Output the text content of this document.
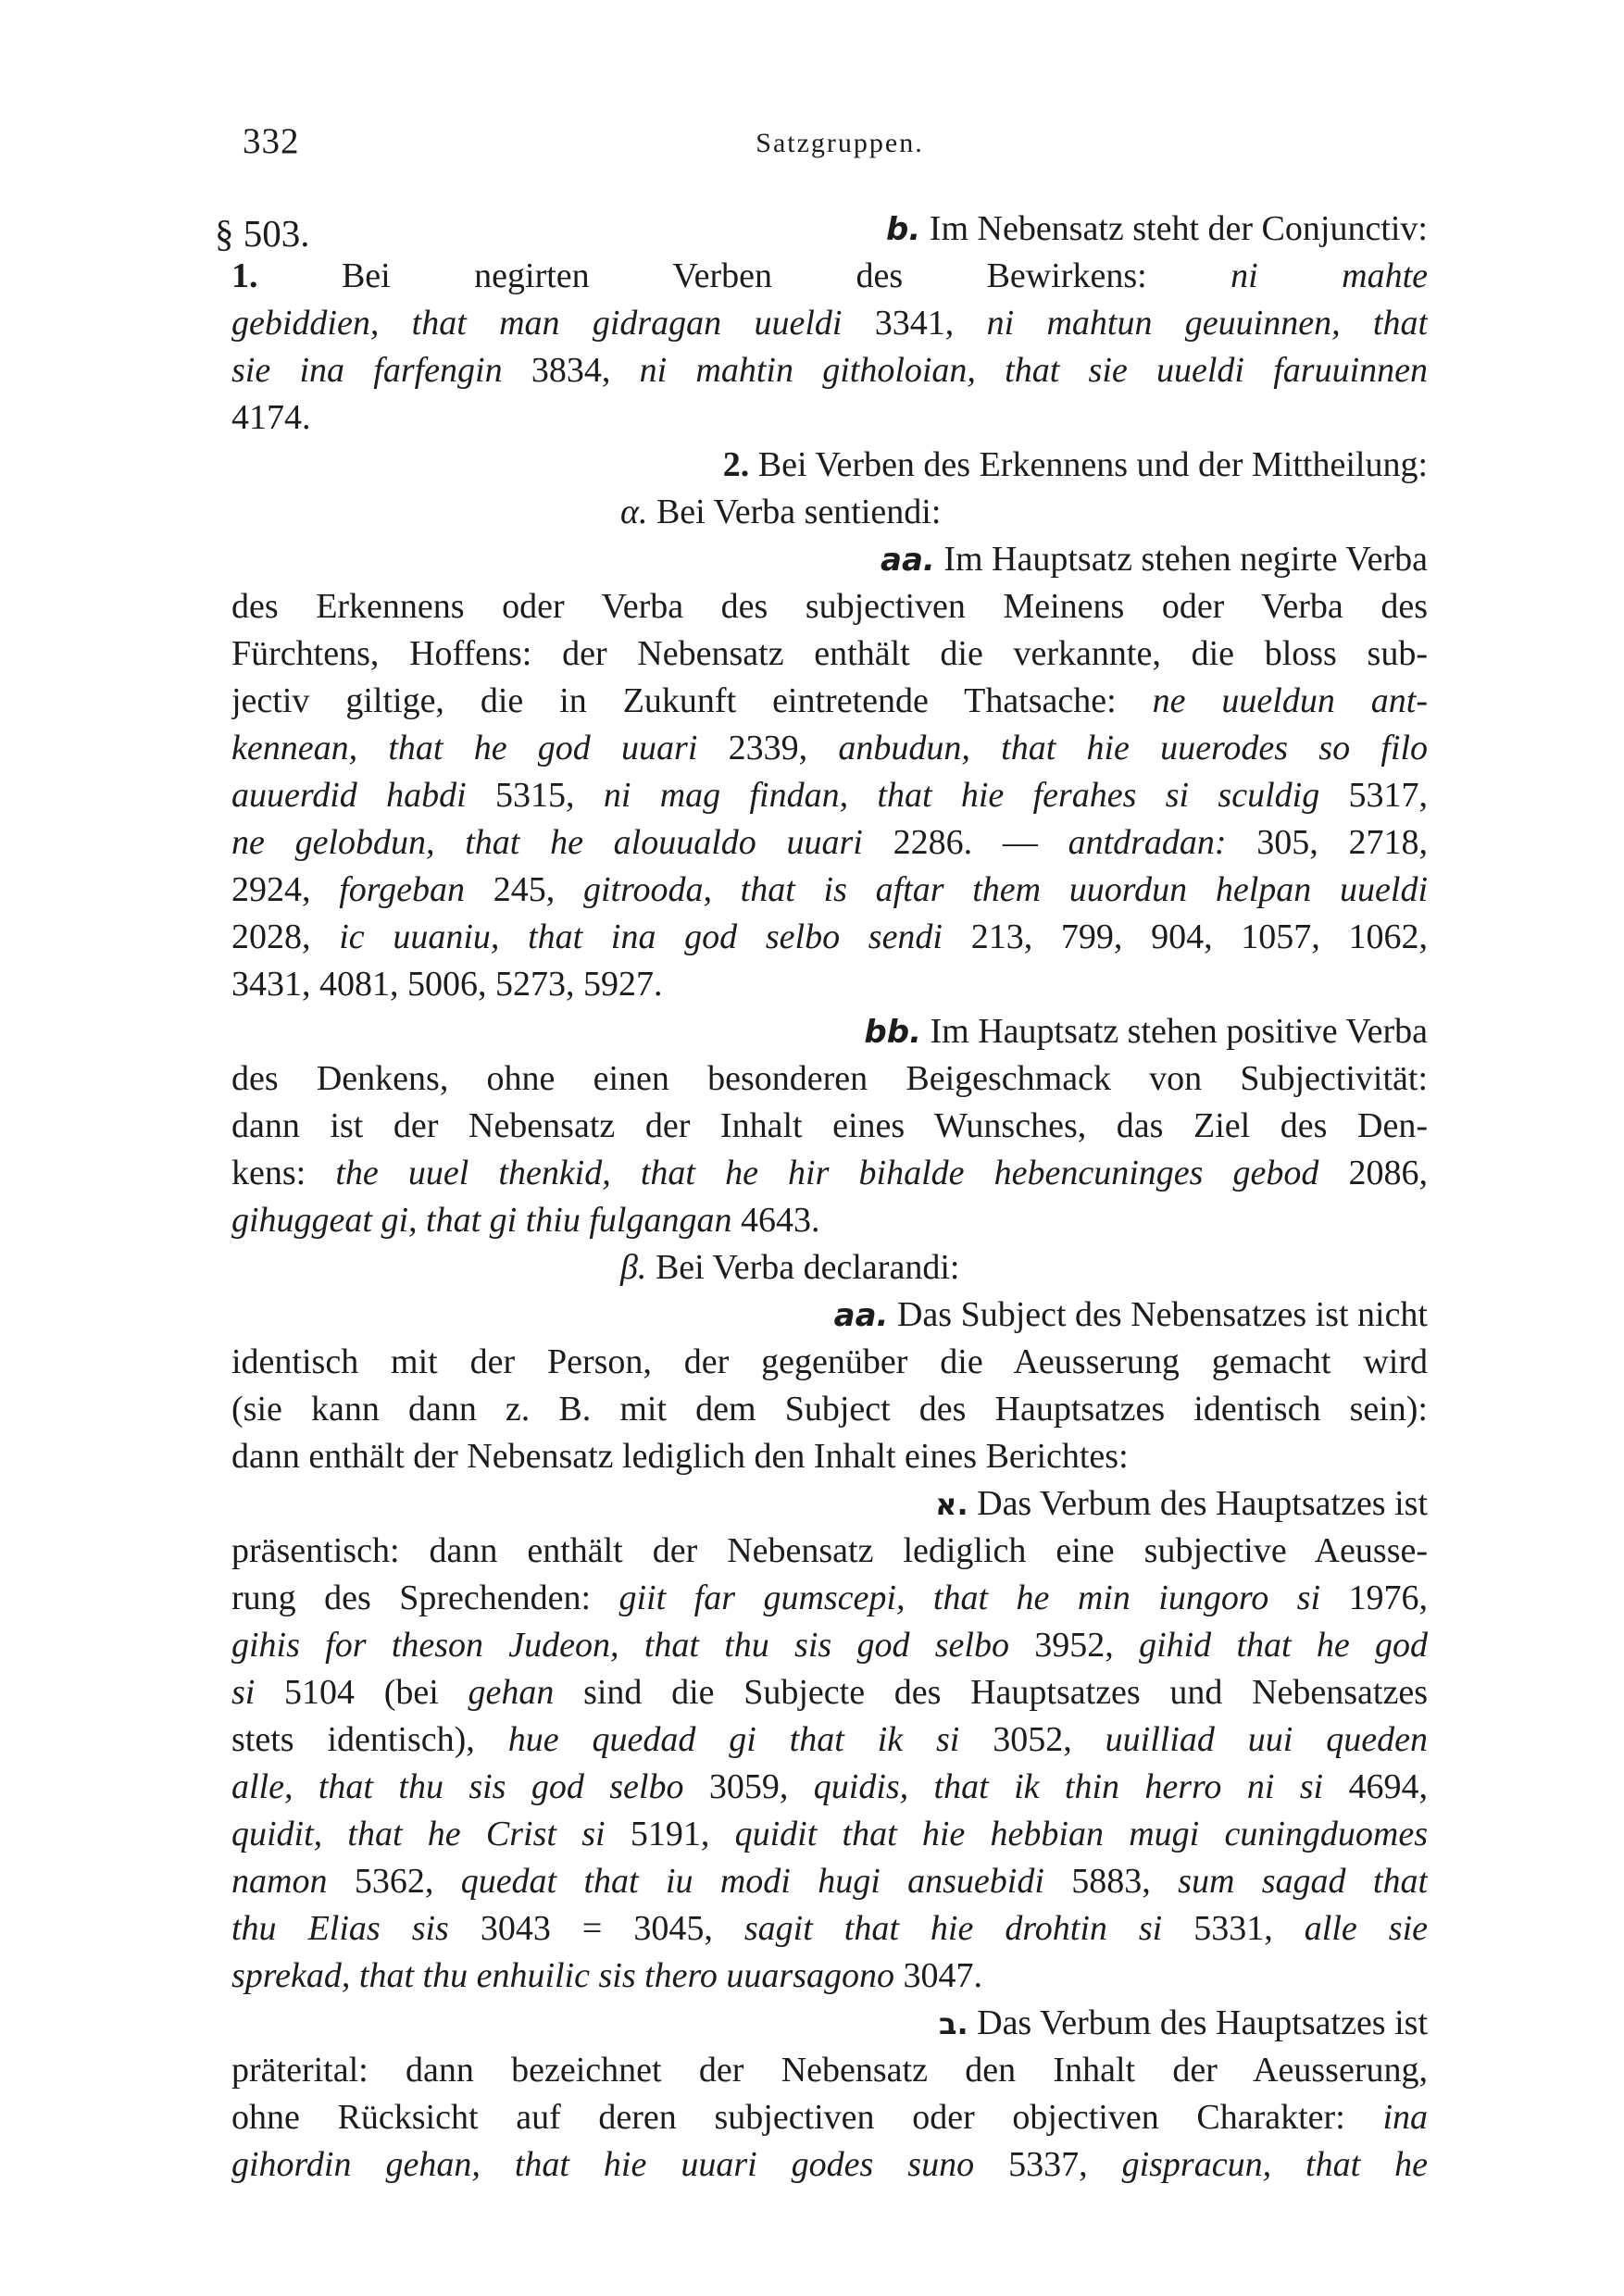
332	Satzgruppen.
§ 503.	b. Im Nebensatz steht der Conjunctiv:
1. Bei negirten Verben des Bewirkens: ni mahte
gebiddien, that man gidragan uueldi 3341, ni mahtun geuuinnen, that
sie ina farfengin 3834, ni mahtin githoloian, that sie uueldi faruuinnen
4174.
2. Bei Verben des Erkennens und der Mittheilung:
α. Bei Verba sentiendi:
aa. Im Hauptsatz stehen negirte Verba
des Erkennens oder Verba des subjectiven Meinens oder Verba des
Fürchtens, Hoffens: der Nebensatz enthält die verkannte, die bloss sub-
jectiv giltige, die in Zukunft eintretende Thatsache: ne uueldun ant-
kennean, that he god uuari 2339, anbudun, that hie uuerodes so filo
auuerdid habdi 5315, ni mag findan, that hie ferahes si sculdig 5317,
ne gelobdun, that he alouualdo uuari 2286. — antdradan: 305, 2718,
2924, forgeban 245, gitrooda, that is aftar them uuordun helpan uueldi
2028, ic uuaniu, that ina god selbo sendi 213, 799, 904, 1057, 1062,
3431, 4081, 5006, 5273, 5927.
bb. Im Hauptsatz stehen positive Verba
des Denkens, ohne einen besonderen Beigeschmack von Subjectivität:
dann ist der Nebensatz der Inhalt eines Wunsches, das Ziel des Den-
kens: the uuel thenkid, that he hir bihalde hebencuninges gebod 2086,
gihuggeat gi, that gi thiu fulgangan 4643.
β. Bei Verba declarandi:
aa. Das Subject des Nebensatzes ist nicht
identisch mit der Person, der gegenüber die Aeusserung gemacht wird
(sie kann dann z. B. mit dem Subject des Hauptsatzes identisch sein):
dann enthält der Nebensatz lediglich den Inhalt eines Berichtes:
א. Das Verbum des Hauptsatzes ist
präsentisch: dann enthält der Nebensatz lediglich eine subjective Aeusse-
rung des Sprechenden: giit far gumscepi, that he min iungoro si 1976,
gihis for theson Judeon, that thu sis god selbo 3952, gihid that he god
si 5104 (bei gehan sind die Subjecte des Hauptsatzes und Nebensatzes
stets identisch), hue quedad gi that ik si 3052, uuilliad uui queden
alle, that thu sis god selbo 3059, quidis, that ik thin herro ni si 4694,
quidit, that he Crist si 5191, quidit that hie hebbian mugi cuningduomes
namon 5362, quedat that iu modi hugi ansuebidi 5883, sum sagad that
thu Elias sis 3043 = 3045, sagit that hie drohtin si 5331, alle sie
sprekad, that thu enhuilic sis thero uuarsagono 3047.
ב. Das Verbum des Hauptsatzes ist
präterital: dann bezeichnet der Nebensatz den Inhalt der Aeusserung,
ohne Rücksicht auf deren subjectiven oder objectiven Charakter: ina
gihordin gehan, that hie uuari godes suno 5337, gispracun, that he
